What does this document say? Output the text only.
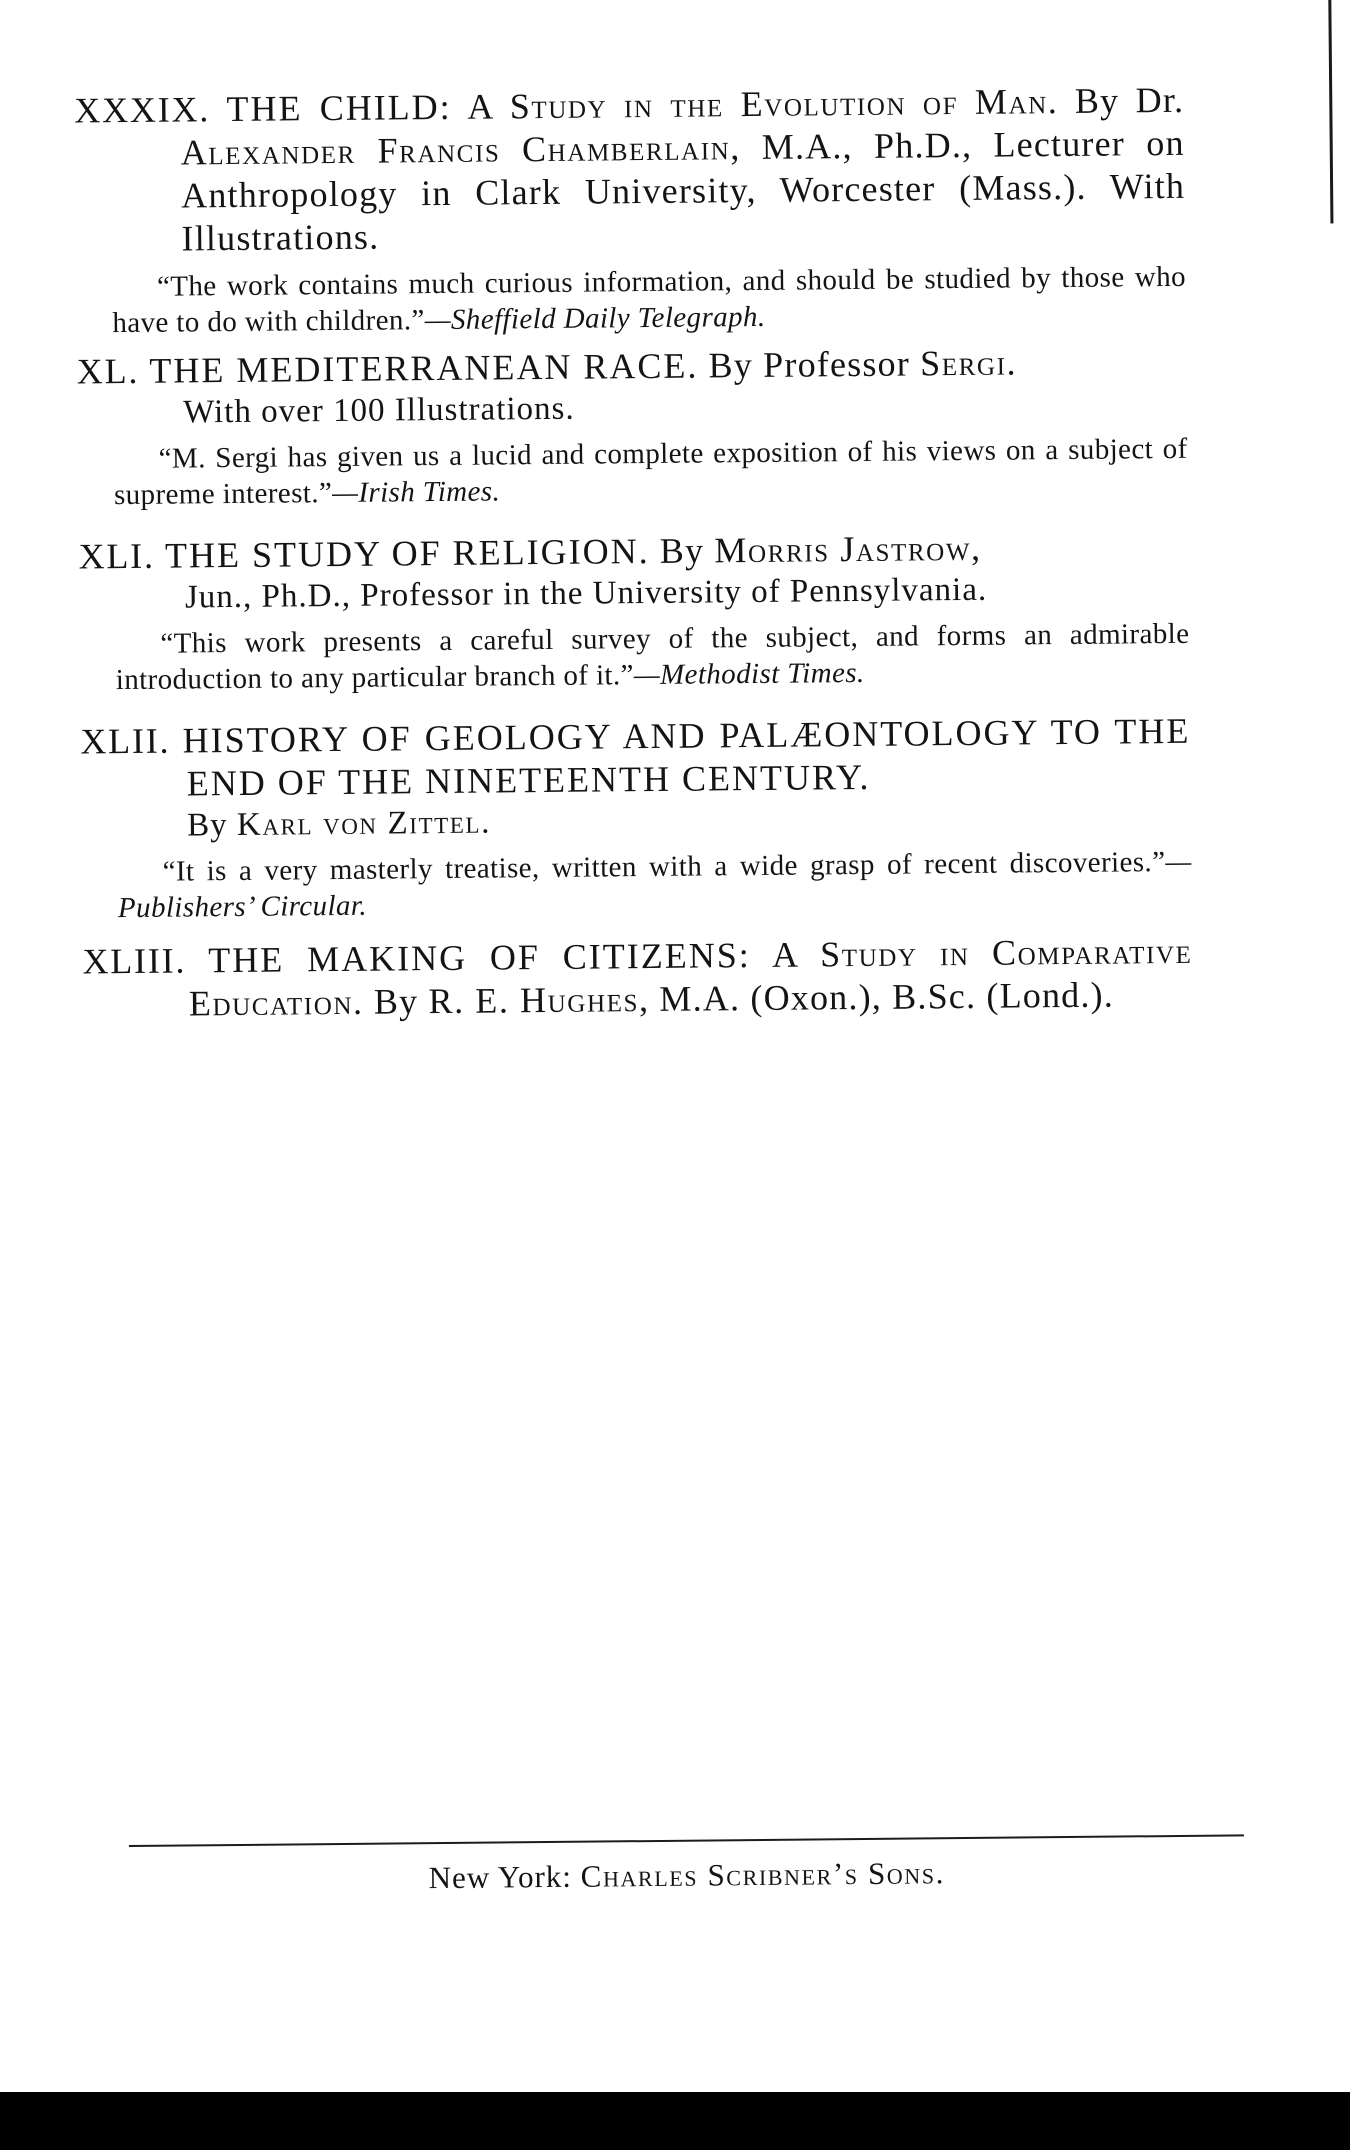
XXXIX. THE CHILD: A Study in the Evolution of Man. By Dr. Alexander Francis Chamberlain, M.A., Ph.D., Lecturer on Anthropology in Clark University, Worcester (Mass.). With Illustrations.
“The work contains much curious information, and should be studied by those who have to do with children.”—Sheffield Daily Telegraph.
XL. THE MEDITERRANEAN RACE. By Professor Sergi.
With over 100 Illustrations.
“M. Sergi has given us a lucid and complete exposition of his views on a subject of supreme interest.”—Irish Times.
XLI. THE STUDY OF RELIGION. By Morris Jastrow,
Jun., Ph.D., Professor in the University of Pennsylvania.
“This work presents a careful survey of the subject, and forms an admirable introduction to any particular branch of it.”—Methodist Times.
XLII. HISTORY OF GEOLOGY AND PALÆONTOLOGY TO THE END OF THE NINETEENTH CENTURY.
By Karl von Zittel.
“It is a very masterly treatise, written with a wide grasp of recent discoveries.”—Publishers’ Circular.
XLIII. THE MAKING OF CITIZENS: A Study in Comparative Education. By R. E. Hughes, M.A. (Oxon.), B.Sc. (Lond.).
New York: Charles Scribner’s Sons.
